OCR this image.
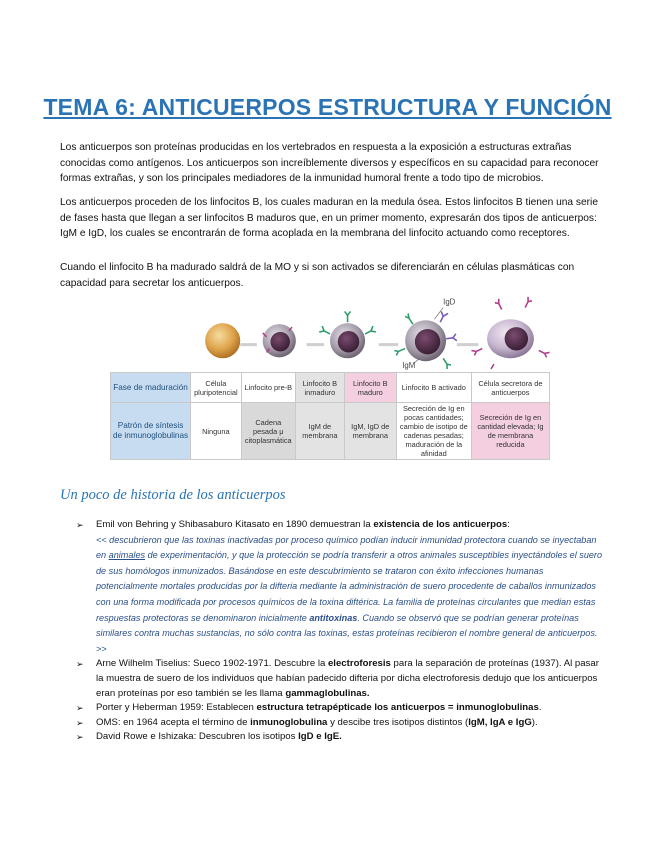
TEMA 6: ANTICUERPOS ESTRUCTURA Y FUNCIÓN
Los anticuerpos son proteínas producidas en los vertebrados en respuesta a la exposición a estructuras extrañas conocidas como antígenos. Los anticuerpos son increíblemente diversos y específicos en su capacidad para reconocer formas extrañas, y son los principales mediadores de la inmunidad humoral frente a todo tipo de microbios.
Los anticuerpos proceden de los linfocitos B, los cuales maduran en la medula ósea. Estos linfocitos B tienen una serie de fases hasta que llegan a ser linfocitos B maduros que, en un primer momento, expresarán dos tipos de anticuerpos: IgM e IgD, los cuales se encontrarán de forma acoplada en la membrana del linfocito actuando como receptores.
Cuando el linfocito B ha madurado saldrá de la MO y si son activados se diferenciarán en células plasmáticas con capacidad para secretar los anticuerpos.
IgD
IgM
Fase de maduración	Célula pluripotencial	Linfocito pre-B	Linfocito B inmaduro	Linfocito B maduro	Linfocito B activado	Célula secretora de anticuerpos
Patrón de síntesis de inmunoglobulinas	Ninguna	Cadena pesada μ citoplasmática	IgM de membrana	IgM, IgD de membrana	Secreción de Ig en pocas cantidades; cambio de isotipo de cadenas pesadas; maduración de la afinidad	Secreción de Ig en cantidad elevada; Ig de membrana reducida
Un poco de historia de los anticuerpos
➢ Emil von Behring y Shibasaburo Kitasato en 1890 demuestran la existencia de los anticuerpos:
<< descubrieron que las toxinas inactivadas por proceso químico podían inducir inmunidad protectora cuando se inyectaban en animales de experimentación, y que la protección se podría transferir a otros animales susceptibles inyectándoles el suero de sus homólogos inmunizados. Basándose en este descubrimiento se trataron con éxito infecciones humanas potencialmente mortales producidas por la difteria mediante la administración de suero procedente de caballos inmunizados con una forma modificada por procesos químicos de la toxina diftérica. La familia de proteínas circulantes que median estas respuestas protectoras se denominaron inicialmente antitoxinas. Cuando se observó que se podrían generar proteínas similares contra muchas sustancias, no sólo contra las toxinas, estas proteínas recibieron el nombre general de anticuerpos. >>
➢ Arne Wilhelm Tiselius: Sueco 1902-1971. Descubre la electroforesis para la separación de proteínas (1937). Al pasar la muestra de suero de los individuos que habían padecido difteria por dicha electroforesis dedujo que los anticuerpos eran proteínas por eso también se les llama gammaglobulinas.
➢ Porter y Heberman 1959: Establecen estructura tetrapépticade los anticuerpos = inmunoglobulinas.
➢ OMS: en 1964 acepta el término de inmunoglobulina y descibe tres isotipos distintos (IgM, IgA e IgG).
➢ David Rowe e Ishizaka: Descubren los isotipos IgD e IgE.
